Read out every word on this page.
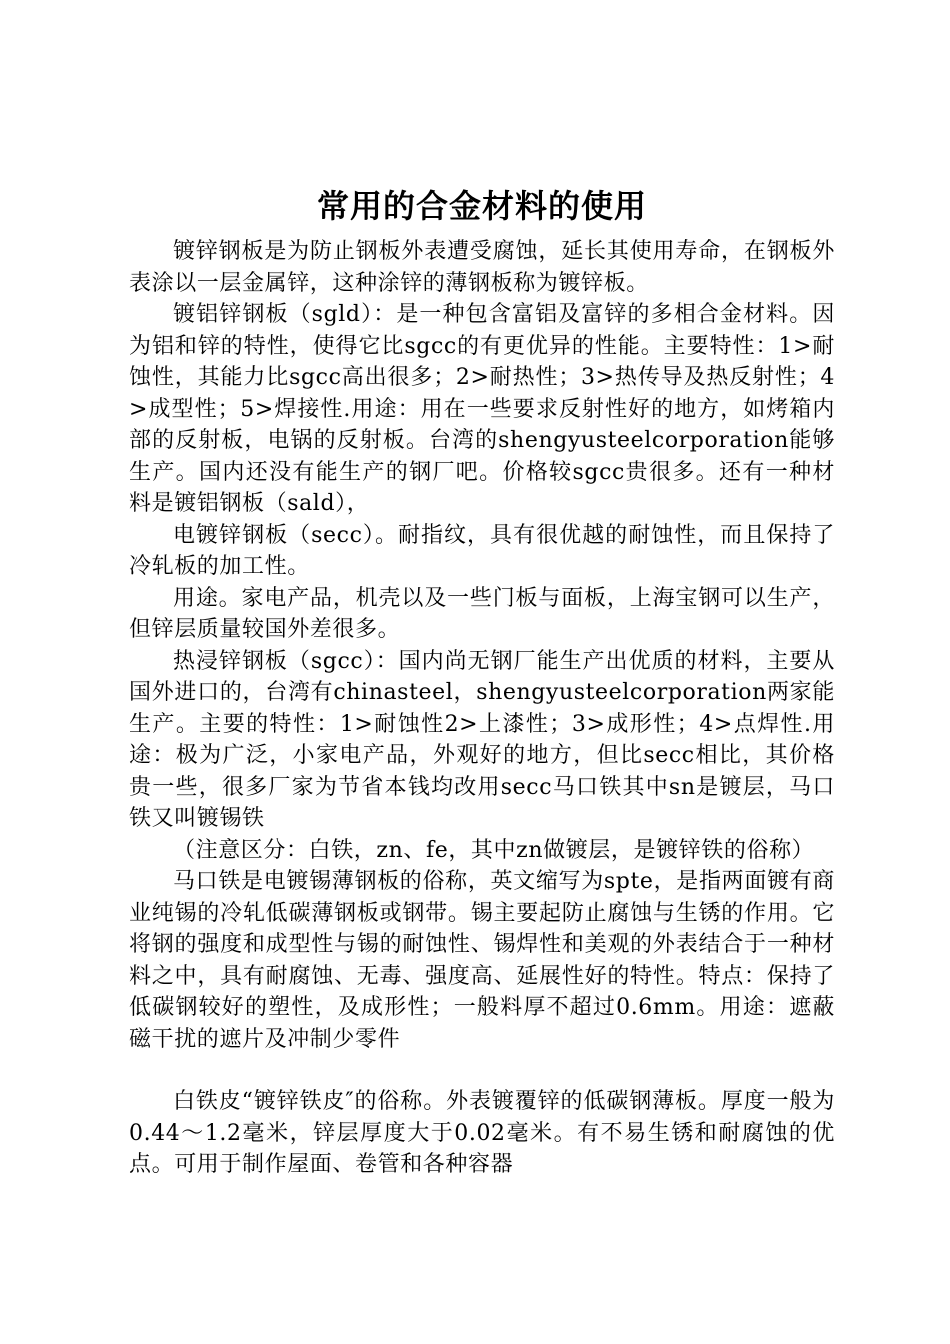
常用的合金材料的使用

镀锌钢板是为防止钢板外表遭受腐蚀，延长其使用寿命，在钢板外表涂以一层金属锌，这种涂锌的薄钢板称为镀锌板。

镀铝锌钢板（sgld）：是一种包含富铝及富锌的多相合金材料。因为铝和锌的特性，使得它比sgcc的有更优异的性能。主要特性：1>耐蚀性，其能力比sgcc高出很多；2>耐热性；3>热传导及热反射性；4>成型性；5>焊接性.用途：用在一些要求反射性好的地方，如烤箱内部的反射板，电锅的反射板。台湾的shengyusteelcorporation能够生产。国内还没有能生产的钢厂吧。价格较sgcc贵很多。还有一种材料是镀铝钢板（sald），

电镀锌钢板（secc）。耐指纹，具有很优越的耐蚀性，而且保持了冷轧板的加工性。

用途。家电产品，机壳以及一些门板与面板，上海宝钢可以生产，但锌层质量较国外差很多。

热浸锌钢板（sgcc）：国内尚无钢厂能生产出优质的材料，主要从国外进口的，台湾有chinasteel，shengyusteelcorporation两家能生产。主要的特性：1>耐蚀性2>上漆性；3>成形性；4>点焊性.用途：极为广泛，小家电产品，外观好的地方，但比secc相比，其价格贵一些，很多厂家为节省本钱均改用secc马口铁其中sn是镀层，马口铁又叫镀锡铁

（注意区分：白铁，zn、fe，其中zn做镀层，是镀锌铁的俗称）

马口铁是电镀锡薄钢板的俗称，英文缩写为spte，是指两面镀有商业纯锡的冷轧低碳薄钢板或钢带。锡主要起防止腐蚀与生锈的作用。它将钢的强度和成型性与锡的耐蚀性、锡焊性和美观的外表结合于一种材料之中，具有耐腐蚀、无毒、强度高、延展性好的特性。特点：保持了低碳钢较好的塑性，及成形性；一般料厚不超过0.6mm。用途：遮蔽磁干扰的遮片及冲制少零件

白铁皮“镀锌铁皮″的俗称。外表镀覆锌的低碳钢薄板。厚度一般为0.44～1.2毫米，锌层厚度大于0.02毫米。有不易生锈和耐腐蚀的优点。可用于制作屋面、卷管和各种容器
